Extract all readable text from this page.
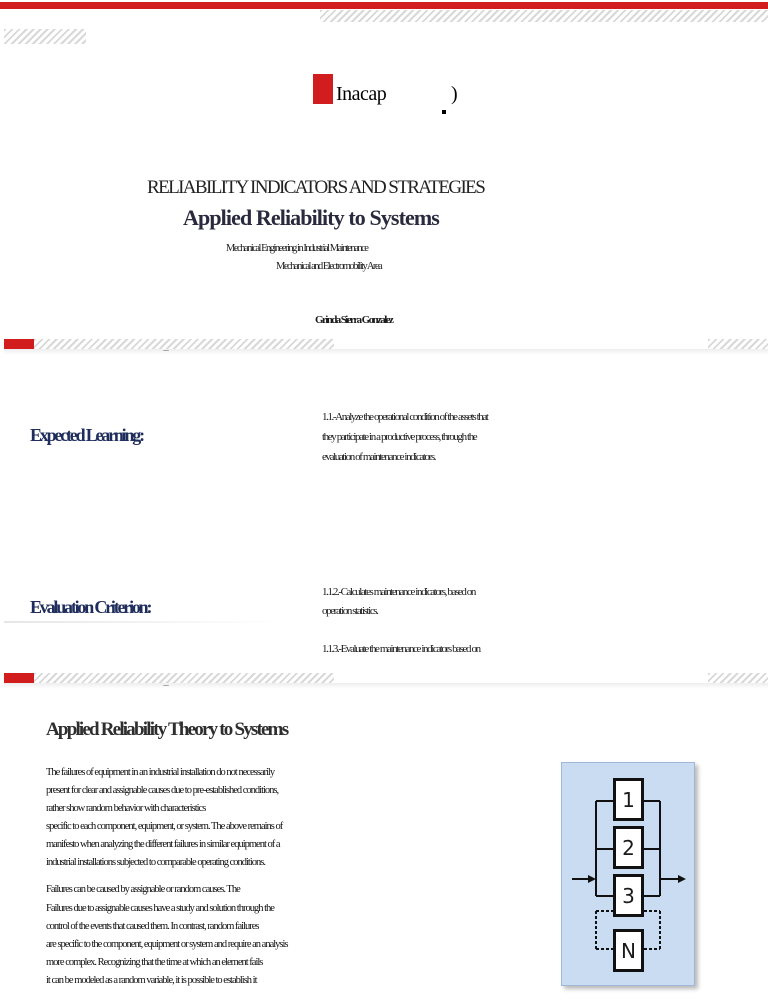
Inacap	)
RELIABILITY INDICATORS AND STRATEGIES
Applied Reliability to Systems
Mechanical Engineering in Industrial Maintenance
Mechanical and Electromobility Area
Grinda Sierra Gonzalez
---- -
Expected Learning:
1.1.-Analyze the operational condition of the assets that
they participate in a productive process, through the
evaluation of maintenance indicators.
Evaluation Criterion:
1.1.2.-Calculates maintenance indicators, based on
operation statistics.
1.1.3.-Evaluate the maintenance indicators based on
---- -
Applied Reliability Theory to Systems
The failures of equipment in an industrial installation do not necessarily
present for clear and assignable causes due to pre-established conditions,
rather show random behavior with characteristics
specific to each component, equipment, or system. The above remains of
manifesto when analyzing the different failures in similar equipment of a
industrial installations subjected to comparable operating conditions.
Failures can be caused by assignable or random causes. The
Failures due to assignable causes have a study and solution through the
control of the events that caused them. In contrast, random failures
are specific to the component, equipment or system and require an analysis
more complex. Recognizing that the time at which an element fails
it can be modeled as a random variable, it is possible to establish it
1
2
3
N
